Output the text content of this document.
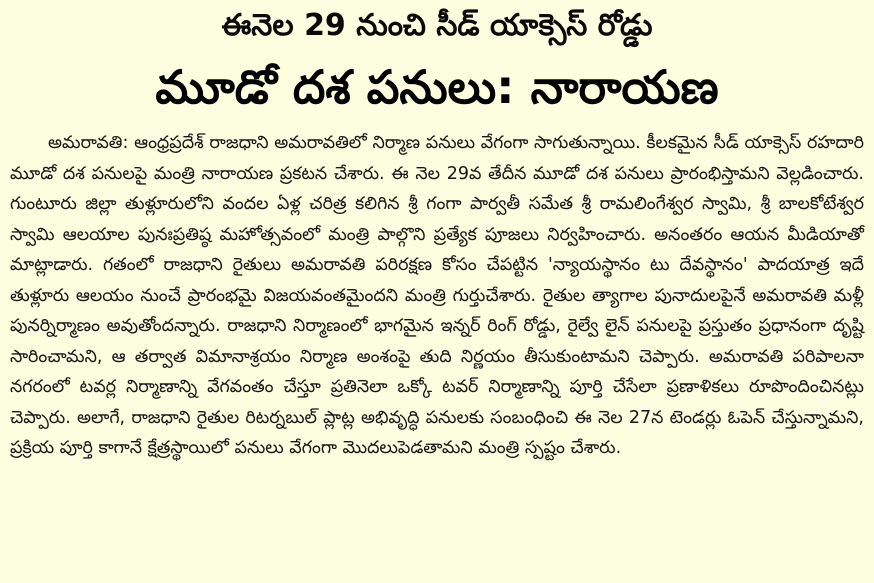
ఈనెల 29 నుంచి సీడ్ యాక్సెస్ రోడ్డు
మూడో దశ పనులు: నారాయణ

అమరావతి: ఆంధ్రప్రదేశ్ రాజధాని అమరావతిలో నిర్మాణ పనులు వేగంగా సాగుతున్నాయి. కీలకమైన సీడ్ యాక్సెస్ రహదారి మూడో దశ పనులపై మంత్రి నారాయణ ప్రకటన చేశారు. ఈ నెల 29వ తేదీన మూడో దశ పనులు ప్రారంభిస్తామని వెల్లడించారు. గుంటూరు జిల్లా తుళ్లూరులోని వందల ఏళ్ల చరిత్ర కలిగిన శ్రీ గంగా పార్వతీ సమేత శ్రీ రామలింగేశ్వర స్వామి, శ్రీ బాలకోటేశ్వర స్వామి ఆలయాల పునఃప్రతిష్ఠ మహోత్సవంలో మంత్రి పాల్గొని ప్రత్యేక పూజలు నిర్వహించారు. అనంతరం ఆయన మీడియాతో మాట్లాడారు. గతంలో రాజధాని రైతులు అమరావతి పరిరక్షణ కోసం చేపట్టిన 'న్యాయస్థానం టు దేవస్థానం' పాదయాత్ర ఇదే తుళ్లూరు ఆలయం నుంచే ప్రారంభమై విజయవంతమైందని మంత్రి గుర్తుచేశారు. రైతుల త్యాగాల పునాదులపైనే అమరావతి మళ్లీ పునర్నిర్మాణం అవుతోందన్నారు. రాజధాని నిర్మాణంలో భాగమైన ఇన్నర్ రింగ్ రోడ్డు, రైల్వే లైన్ పనులపై ప్రస్తుతం ప్రధానంగా దృష్టి సారించామని, ఆ తర్వాత విమానాశ్రయం నిర్మాణ అంశంపై తుది నిర్ణయం తీసుకుంటామని చెప్పారు. అమరావతి పరిపాలనా నగరంలో టవర్ల నిర్మాణాన్ని వేగవంతం చేస్తూ ప్రతినెలా ఒక్కో టవర్ నిర్మాణాన్ని పూర్తి చేసేలా ప్రణాళికలు రూపొందించినట్లు చెప్పారు. అలాగే, రాజధాని రైతుల రిటర్నబుల్ ప్లాట్ల అభివృద్ధి పనులకు సంబంధించి ఈ నెల 27న టెండర్లు ఓపెన్ చేస్తున్నామని, ప్రక్రియ పూర్తి కాగానే క్షేత్రస్థాయిలో పనులు వేగంగా మొదలుపెడతామని మంత్రి స్పష్టం చేశారు.
